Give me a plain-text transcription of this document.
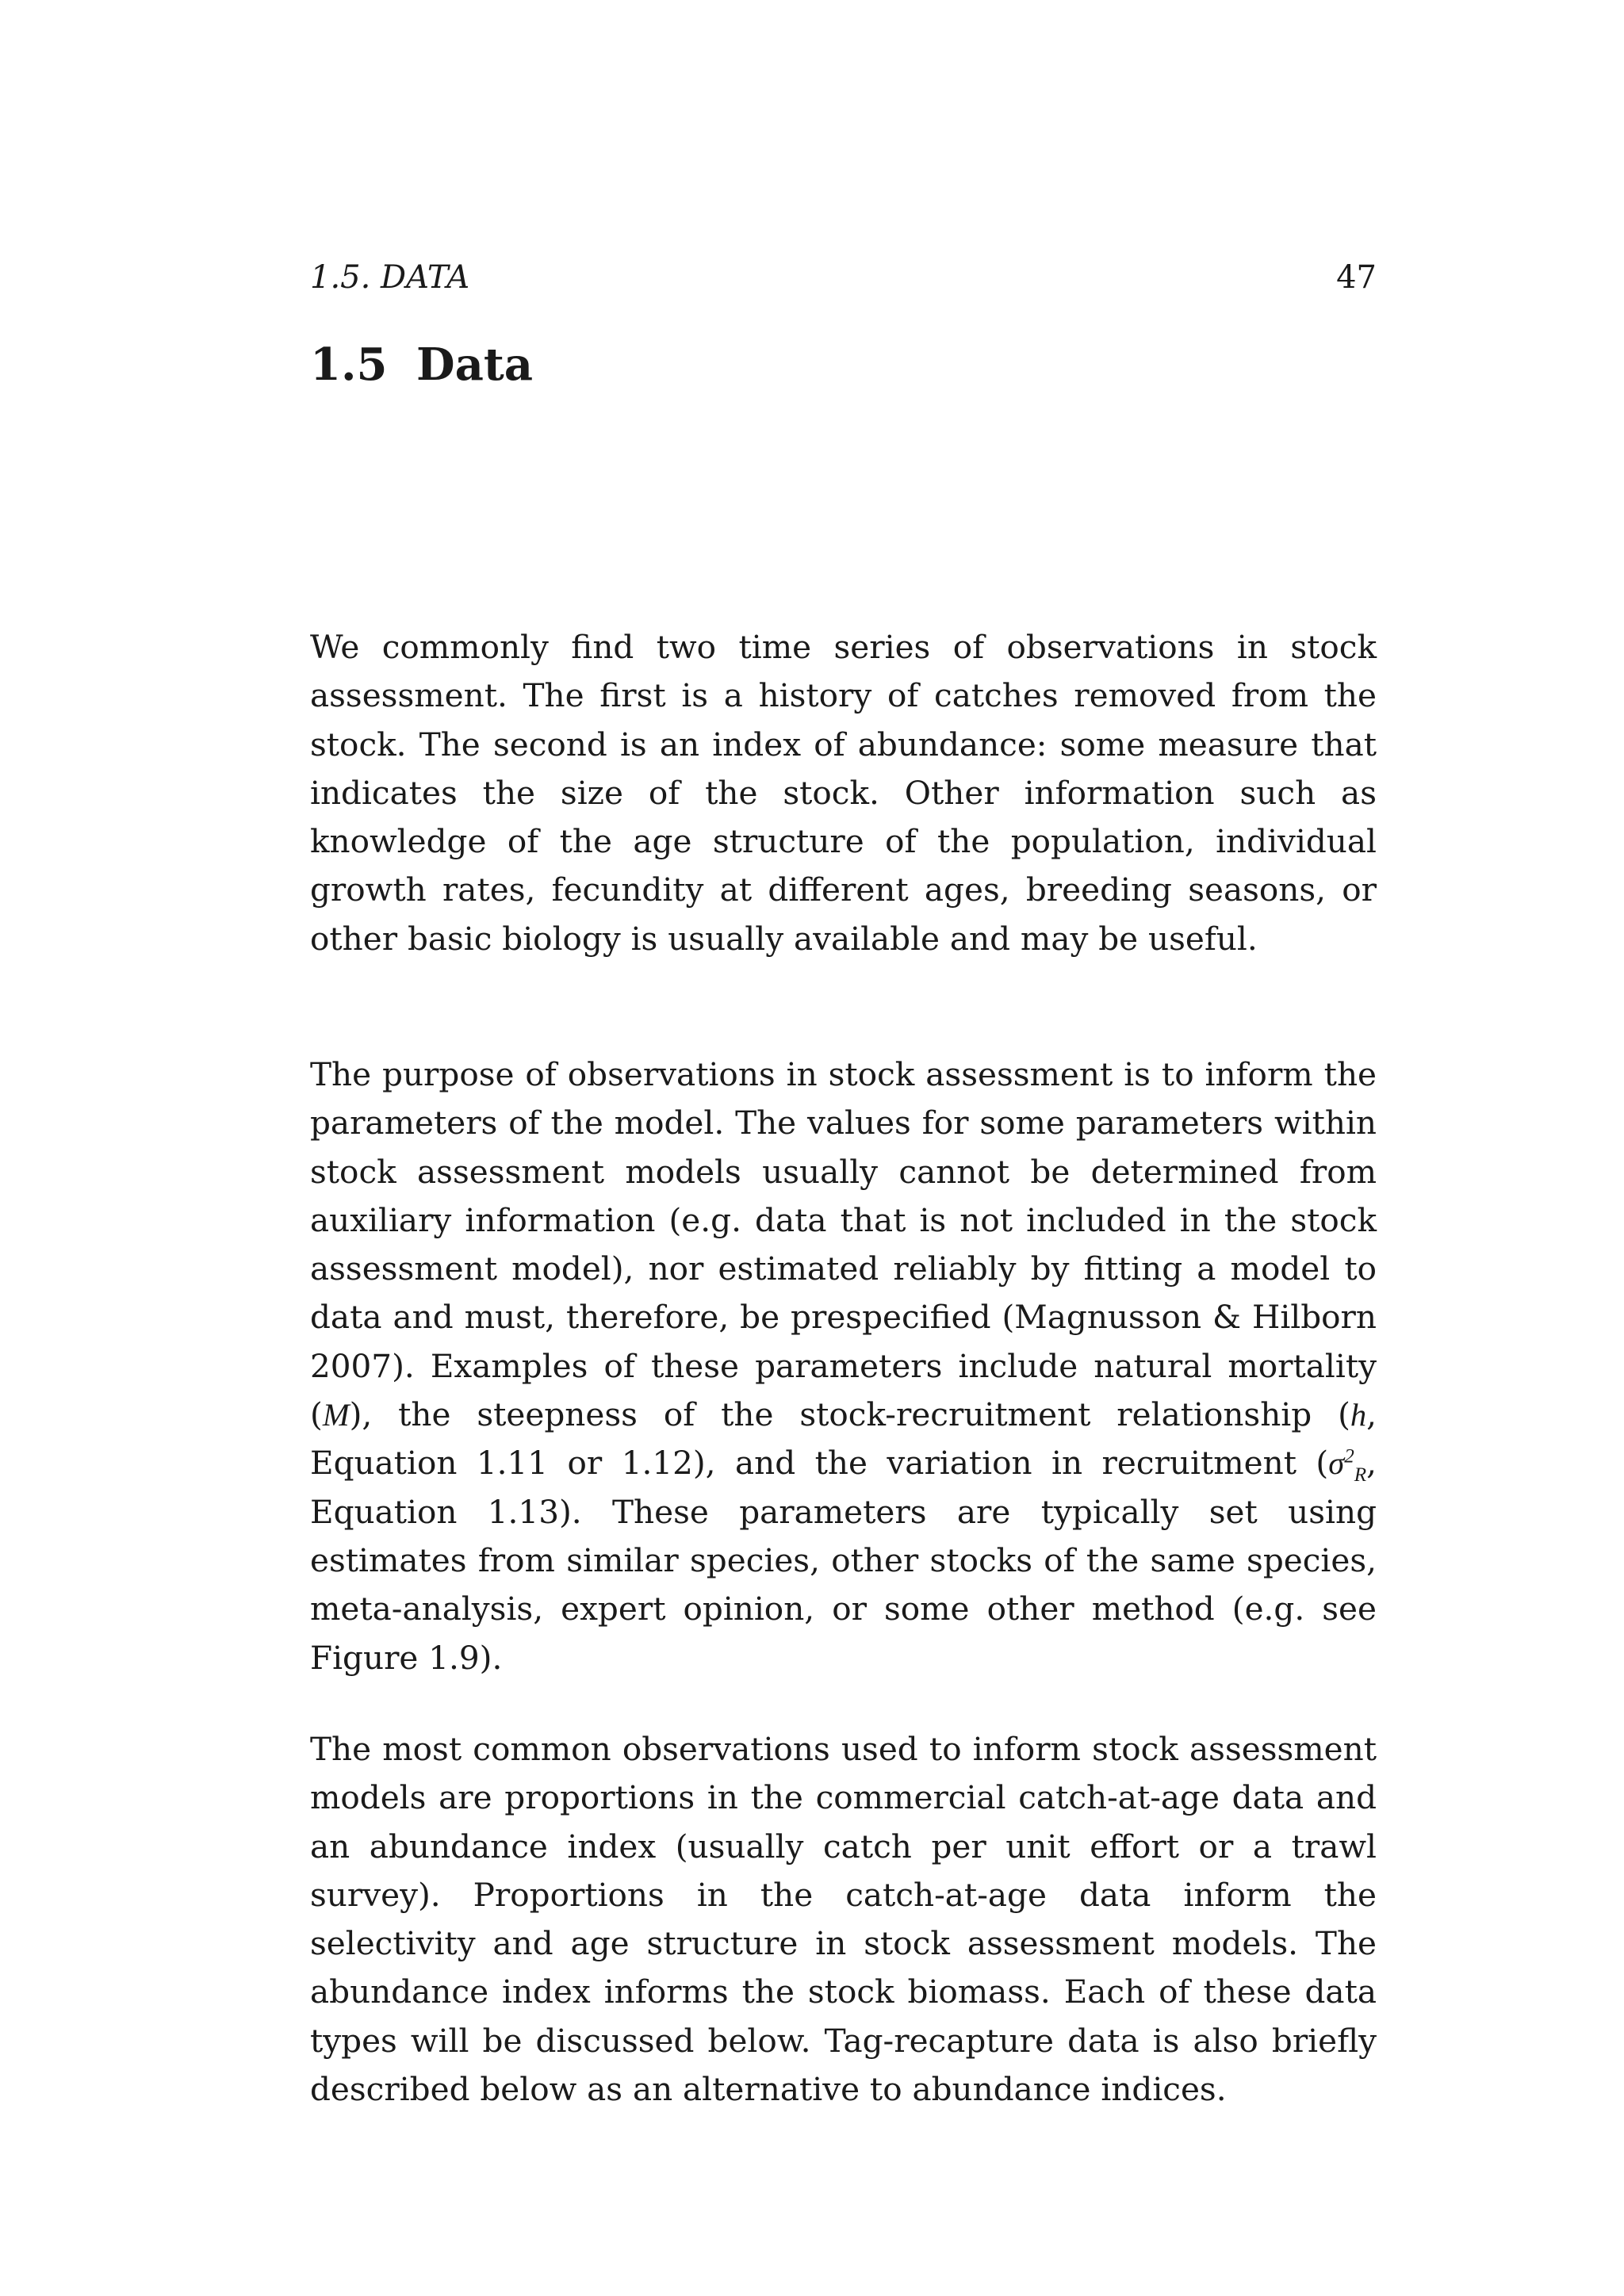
1.5. DATA	47
1.5 Data

We commonly find two time series of observations in stock assessment. The first is a history of catches removed from the stock. The second is an index of abundance: some measure that indicates the size of the stock. Other information such as knowledge of the age structure of the population, individual growth rates, fecundity at different ages, breeding seasons, or other basic biology is usually available and may be useful.

The purpose of observations in stock assessment is to inform the parameters of the model. The values for some parameters within stock assessment models usually cannot be determined from auxiliary information (e.g. data that is not included in the stock assessment model), nor estimated reliably by fitting a model to data and must, therefore, be prespecified (Magnusson & Hilborn 2007). Examples of these parameters include natural mortality (M), the steepness of the stock-recruitment relationship (h, Equation 1.11 or 1.12), and the variation in recruitment ($\sigma^2_R$, Equation 1.13). These parameters are typically set using estimates from similar species, other stocks of the same species, meta-analysis, expert opinion, or some other method (e.g. see Figure 1.9).

The most common observations used to inform stock assessment models are proportions in the commercial catch-at-age data and an abundance index (usually catch per unit effort or a trawl survey). Proportions in the catch-at-age data inform the selectivity and age structure in stock assessment models. The abundance index informs the stock biomass. Each of these data types will be discussed below. Tag-recapture data is also briefly described below as an alternative to abundance indices.
